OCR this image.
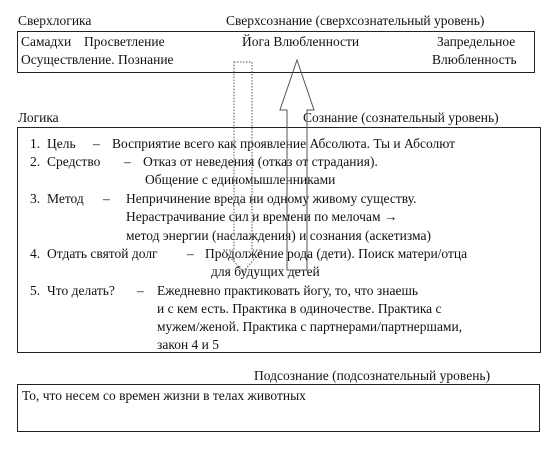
Сверхлогика	Сверхсознание (сверхсознательный уровень)
Самадхи Просветление	Йога Влюбленности	Запредельное
Осуществление. Познание	Влюбленность
Логика	Сознание (сознательный уровень)
1. Цель – Восприятие всего как проявление Абсолюта. Ты и Абсолют
2. Средство – Отказ от неведения (отказ от страдания).
Общение с единомышленниками
3. Метод – Непричинение вреда ни одному живому существу.
Нерастрачивание сил и времени по мелочам →
метод энергии (наслаждения) и сознания (аскетизма)
4. Отдать святой долг – Продолжение рода (дети). Поиск матери/отца
для будущих детей
5. Что делать? – Ежедневно практиковать йогу, то, что знаешь
и с кем есть. Практика в одиночестве. Практика с
мужем/женой. Практика с партнерами/партнершами,
закон 4 и 5
Подсознание (подсознательный уровень)
То, что несем со времен жизни в телах животных
